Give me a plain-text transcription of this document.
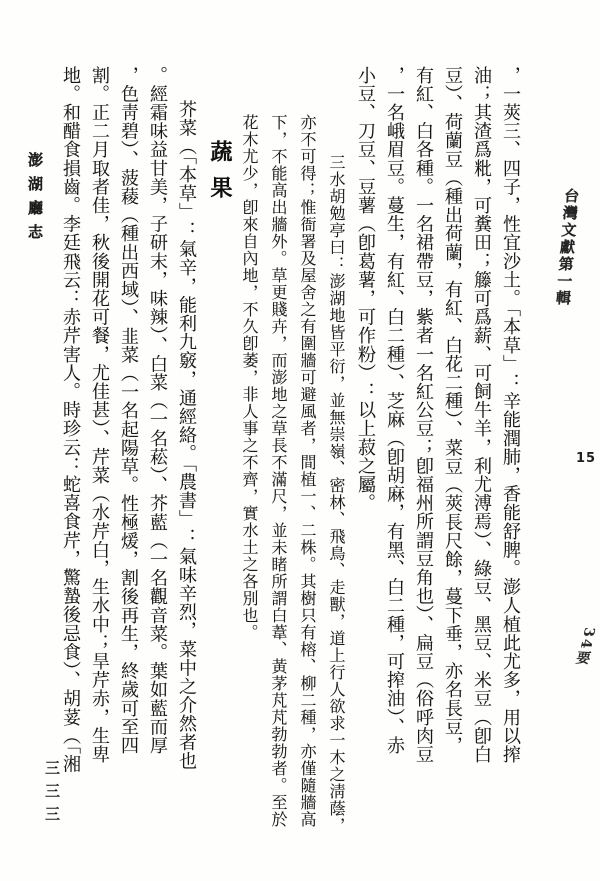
，一莢三、四子，性宜沙土。「本草」：辛能潤肺，香能舒脾。澎人植此尤多，用以搾
油；其渣爲粃，可糞田；籐可爲薪、可飼牛羊，利尤溥焉）、綠豆、黑豆、米豆（卽白
豆）、荷蘭豆（種出荷蘭，有紅、白花二種）、菜豆（莢長尺餘，蔓下垂，亦名長豆，
有紅、白各種。一名裙帶豆，紫者一名紅公豆；卽福州所謂豆角也）、扁豆（俗呼肉豆
，一名峨眉豆。蔓生，有紅、白二種）、芝麻（卽胡麻，有黑、白二種，可搾油）、赤
小豆、刀豆、豆薯（卽葛薯，可作粉）：以上菽之屬。
三水胡勉亭曰：澎湖地皆平衍，並無崇嶺、密林、飛鳥、走獸，道上行人欲求一木之淸蔭，
亦不可得；惟衙署及屋舍之有圍牆可避風者，間植一、二株。其樹只有榕、柳二種，亦僅隨牆高
下，不能高出牆外。草更賤卉，而澎地之草長不滿尺，並未睹所謂白葦、黃茅芃芃勃勃者。至於
花木尤少，卽來自內地，不久卽萎，非人事之不齊，實水土之各別也。
蔬果
芥菜（「本草」：氣辛，能利九竅，通經絡。「農書」：氣味辛烈，菜中之介然者也
。經霜味益甘美，子研末，味辣）、白菜（一名菘）、芥藍（一名觀音菜。葉如藍而厚
，色靑碧）、菠薐（種出西域）、韭菜（一名起陽草。性極煖，割後再生，終歲可至四
割。正二月取者佳，秋後開花可餐，尤佳甚）、芹菜（水芹白，生水中；旱芹赤，生卑
地。和醋食損齒。李廷飛云：赤芹害人。時珍云：蛇喜食芹，驚蟄後忌食）、胡荽（「湘
澎湖廳志
三三三
台灣文獻第一輯
15
34要
